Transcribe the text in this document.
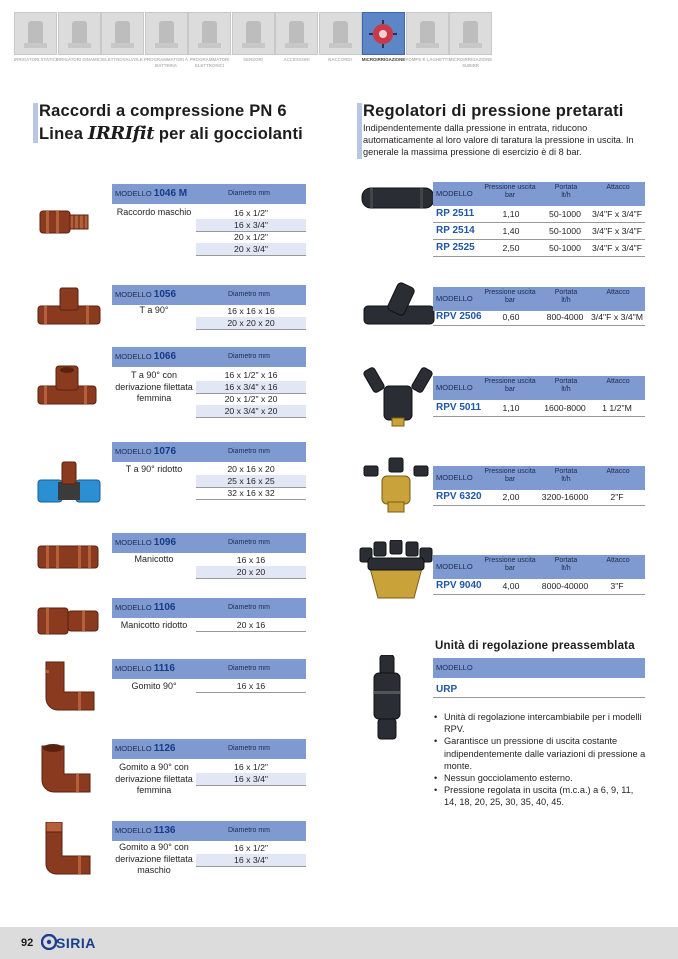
IRRIGATORI STATICI
IRRIGATORI DINAMICI ELETTROVALVOLE PROGRAMMATORI A BATTERIA
PROGRAMMATORI ELETTRONICI
SENSORI	ACCESSORI	RACCORDI	MICROIRRIGAZIONE POMPE E LAGHETTI MICROIRRIGAZIONE SUBIRR
Raccordi a compressione PN 6
Linea IRRIfit per ali gocciolanti
MODELLO 1046 M	Diametro mm
Raccordo maschio	16 x 1/2"
16 x 3/4"
20 x 1/2"
20 x 3/4"
MODELLO 1056	Diametro mm
T a 90°	16 x 16 x 16
20 x 20 x 20
MODELLO 1066	Diametro mm
T a 90° con derivazione filettata femmina
16 x 1/2" x 16
16 x 3/4" x 16
20 x 1/2" x 20
20 x 3/4" x 20
MODELLO 1076	Diametro mm
T a 90° ridotto	20 x 16 x 20
25 x 16 x 25
32 x 16 x 32
MODELLO 1096	Diametro mm
Manicotto	16 x 16
20 x 20
MODELLO 1106	Diametro mm
Manicotto ridotto	20 x 16
MODELLO 1116	Diametro mm
Gomito 90°	16 x 16
MODELLO 1126	Diametro mm
Gomito a 90° con derivazione filettata femmina
16 x 1/2"
16 x 3/4"
MODELLO 1136	Diametro mm
Gomito a 90° con derivazione filettata maschio
16 x 1/2"
16 x 3/4"
Regolatori di pressione pretarati
Indipendentemente dalla pressione in entrata, riducono automaticamente al loro valore di taratura la pressione in uscita. In generale la massima pressione di esercizio è di 8 bar.
MODELLO
Pressione uscita
bar
Portata
lt/h
Attacco
RP 2511	1,10	50-1000	3/4"F x 3/4"F
RP 2514	1,40	50-1000	3/4"F x 3/4"F
RP 2525	2,50	50-1000	3/4"F x 3/4"F
MODELLO
Pressione uscita
bar
Portata
lt/h
Attacco
RPV 2506	0,60	800-4000 3/4"F x 3/4"M
MODELLO
Pressione uscita
bar
Portata
lt/h
Attacco
RPV 5011	1,10	1600-8000	1 1/2"M
MODELLO
Pressione uscita
bar
Portata
lt/h
Attacco
RPV 6320	2,00	3200-16000	2"F
MODELLO
Pressione uscita
bar
Portata
lt/h
Attacco
RPV 9040	4,00	8000-40000	3"F
Unità di regolazione preassemblata
MODELLO
URP
• Unità di regolazione intercambiabile per i modelli RPV.
• Garantisce un pressione di uscita costante indipendentemente dalle variazioni di pressione a monte.
• Nessun gocciolamento esterno.
• Pressione regolata in uscita (m.c.a.) a 6, 9, 11, 14, 18, 20, 25, 30, 35, 40, 45.
92 SIRIA
